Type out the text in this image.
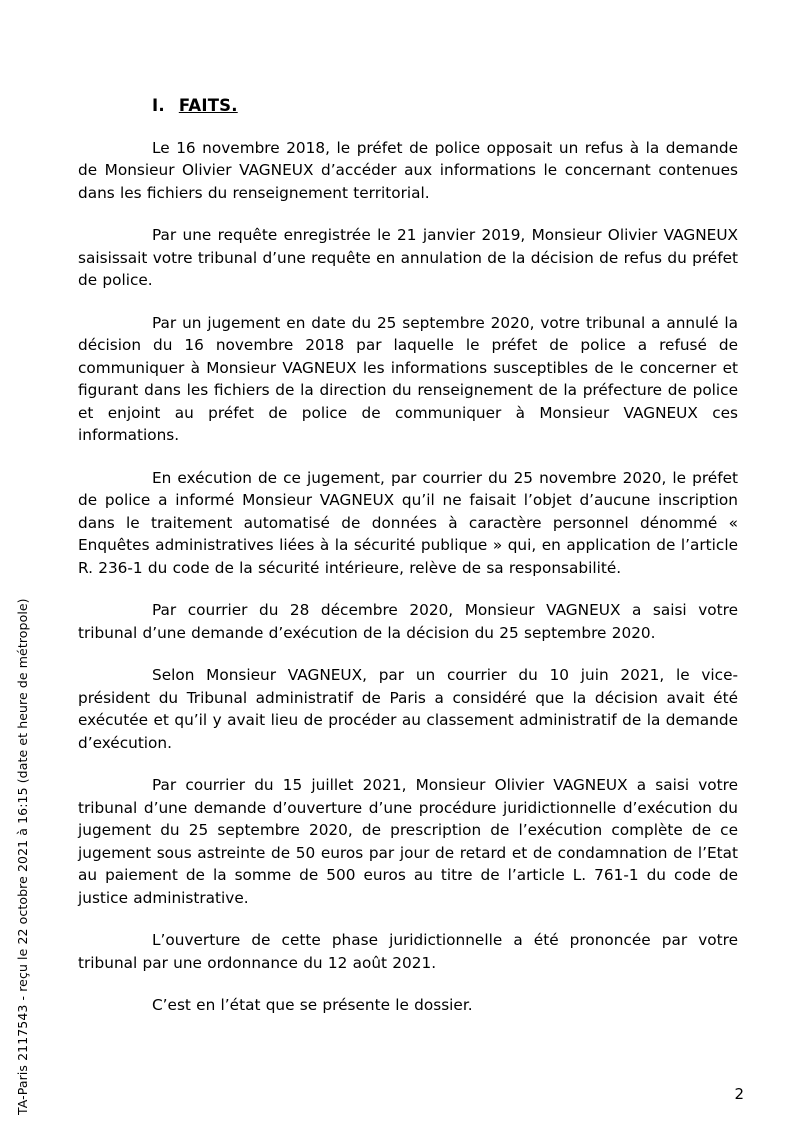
TA-Paris 2117543 - reçu le 22 octobre 2021 à 16:15 (date et heure de métropole)
I. FAITS.

Le 16 novembre 2018, le préfet de police opposait un refus à la demande de Monsieur Olivier VAGNEUX d’accéder aux informations le concernant contenues dans les fichiers du renseignement territorial.

Par une requête enregistrée le 21 janvier 2019, Monsieur Olivier VAGNEUX saisissait votre tribunal d’une requête en annulation de la décision de refus du préfet de police.

Par un jugement en date du 25 septembre 2020, votre tribunal a annulé la décision du 16 novembre 2018 par laquelle le préfet de police a refusé de communiquer à Monsieur VAGNEUX les informations susceptibles de le concerner et figurant dans les fichiers de la direction du renseignement de la préfecture de police et enjoint au préfet de police de communiquer à Monsieur VAGNEUX ces informations.

En exécution de ce jugement, par courrier du 25 novembre 2020, le préfet de police a informé Monsieur VAGNEUX qu’il ne faisait l’objet d’aucune inscription dans le traitement automatisé de données à caractère personnel dénommé « Enquêtes administratives liées à la sécurité publique » qui, en application de l’article R. 236-1 du code de la sécurité intérieure, relève de sa responsabilité.

Par courrier du 28 décembre 2020, Monsieur VAGNEUX a saisi votre tribunal d’une demande d’exécution de la décision du 25 septembre 2020.

Selon Monsieur VAGNEUX, par un courrier du 10 juin 2021, le vice-président du Tribunal administratif de Paris a considéré que la décision avait été exécutée et qu’il y avait lieu de procéder au classement administratif de la demande d’exécution.

Par courrier du 15 juillet 2021, Monsieur Olivier VAGNEUX a saisi votre tribunal d’une demande d’ouverture d’une procédure juridictionnelle d’exécution du jugement du 25 septembre 2020, de prescription de l’exécution complète de ce jugement sous astreinte de 50 euros par jour de retard et de condamnation de l’Etat au paiement de la somme de 500 euros au titre de l’article L. 761-1 du code de justice administrative.

L’ouverture de cette phase juridictionnelle a été prononcée par votre tribunal par une ordonnance du 12 août 2021.

C’est en l’état que se présente le dossier.

2
